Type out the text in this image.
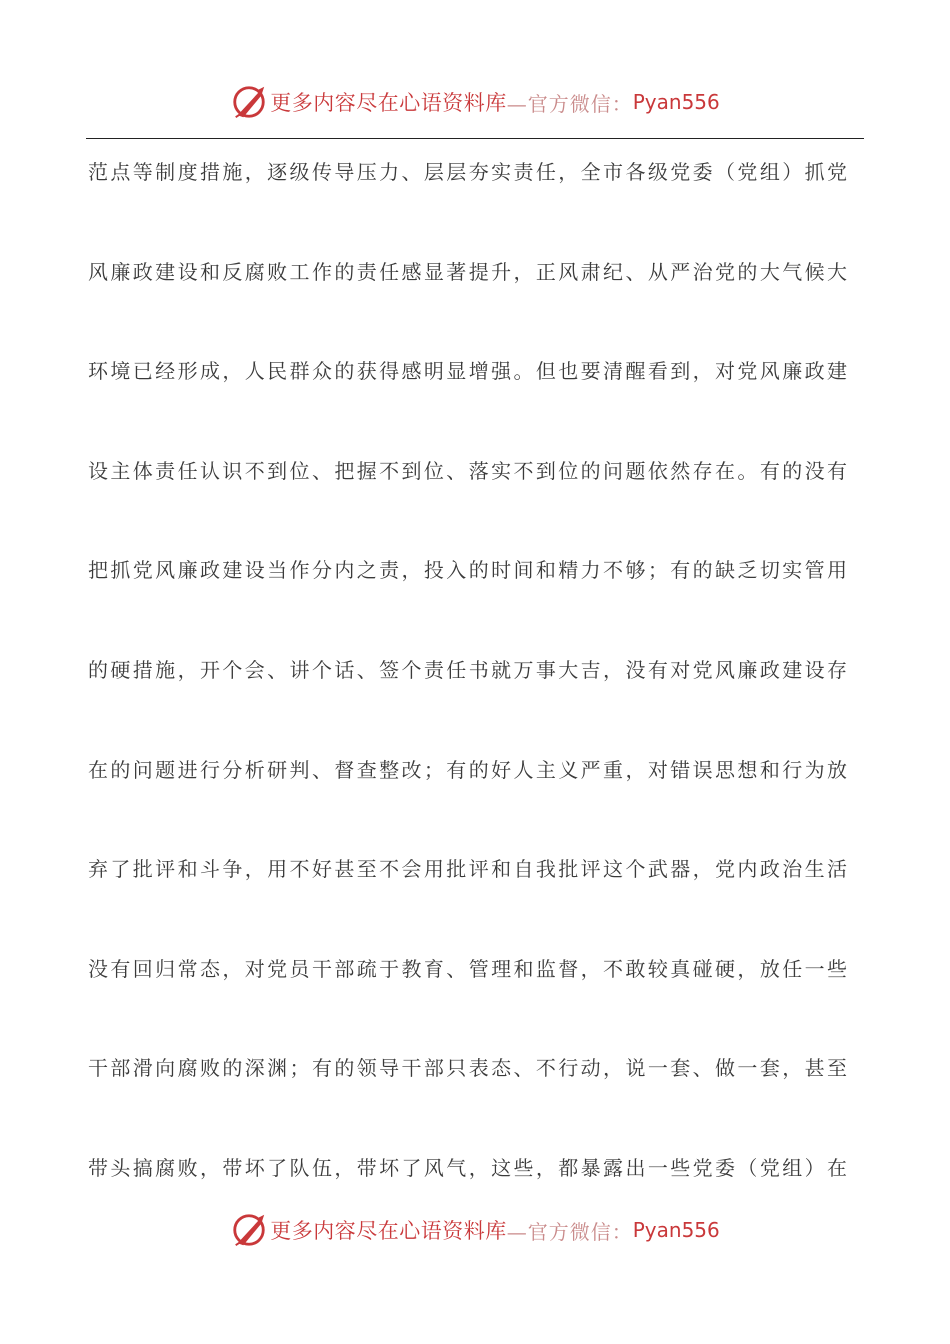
更多内容尽在心语资料库 —官方微信： Pyan556
范点等制度措施，逐级传导压力、层层夯实责任，全市各级党委（党组）抓党
风廉政建设和反腐败工作的责任感显著提升，正风肃纪、从严治党的大气候大
环境已经形成，人民群众的获得感明显增强。但也要清醒看到，对党风廉政建
设主体责任认识不到位、把握不到位、落实不到位的问题依然存在。有的没有
把抓党风廉政建设当作分内之责，投入的时间和精力不够；有的缺乏切实管用
的硬措施，开个会、讲个话、签个责任书就万事大吉，没有对党风廉政建设存
在的问题进行分析研判、督查整改；有的好人主义严重，对错误思想和行为放
弃了批评和斗争，用不好甚至不会用批评和自我批评这个武器，党内政治生活
没有回归常态，对党员干部疏于教育、管理和监督，不敢较真碰硬，放任一些
干部滑向腐败的深渊；有的领导干部只表态、不行动，说一套、做一套，甚至
带头搞腐败，带坏了队伍，带坏了风气，这些，都暴露出一些党委（党组）在
更多内容尽在心语资料库 —官方微信： Pyan556
